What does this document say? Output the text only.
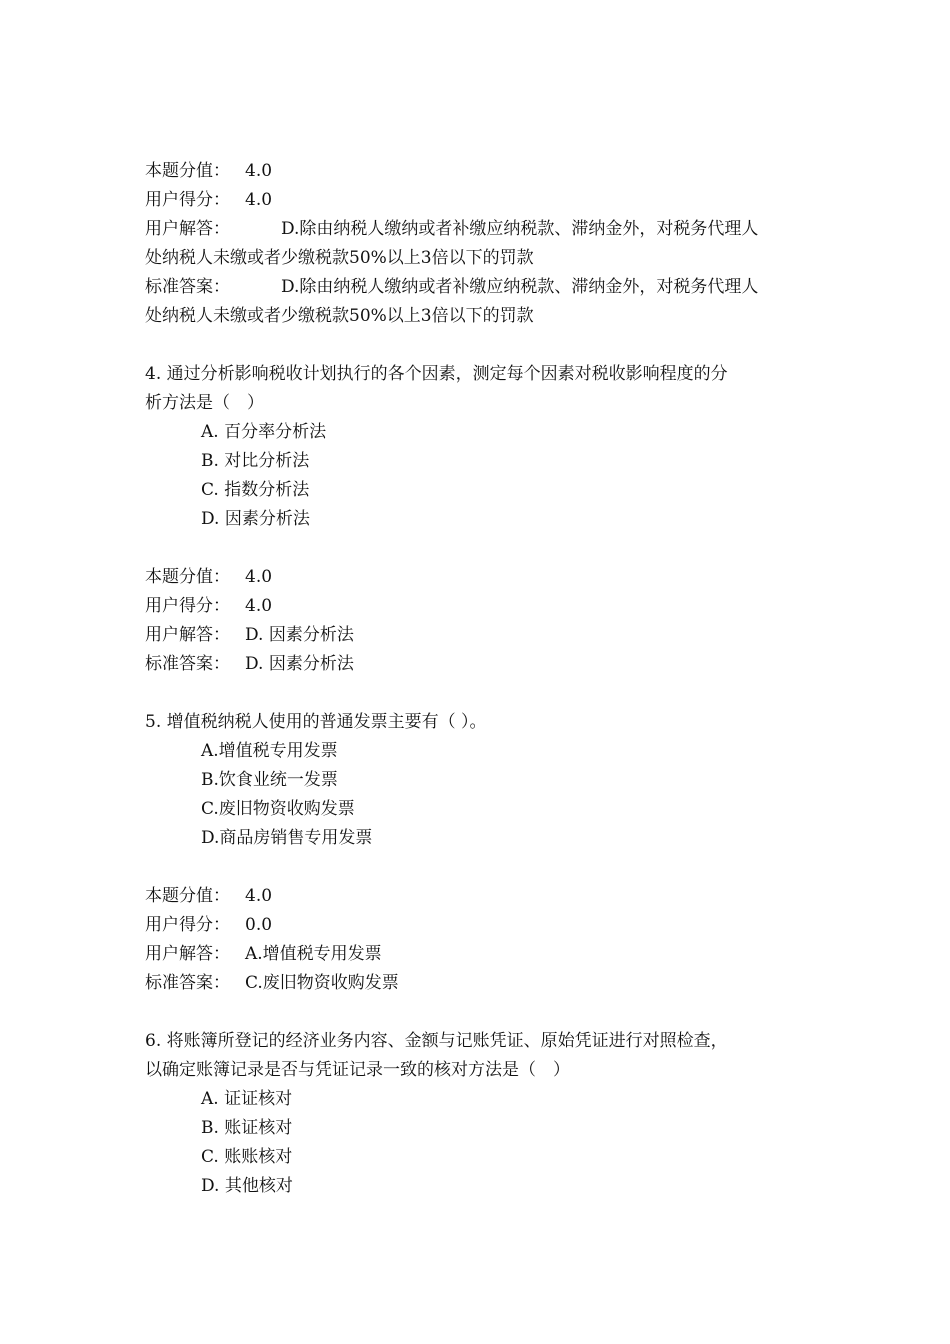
本题分值： 4.0
用户得分： 4.0
用户解答：	D.除由纳税人缴纳或者补缴应纳税款、滞纳金外，对税务代理人
处纳税人未缴或者少缴税款50%以上3倍以下的罚款
标准答案：	D.除由纳税人缴纳或者补缴应纳税款、滞纳金外，对税务代理人
处纳税人未缴或者少缴税款50%以上3倍以下的罚款
4. 通过分析影响税收计划执行的各个因素，测定每个因素对税收影响程度的分
析方法是（　）
A. 百分率分析法
B. 对比分析法
C. 指数分析法
D. 因素分析法
本题分值： 4.0
用户得分： 4.0
用户解答： D. 因素分析法
标准答案： D. 因素分析法
5. 增值税纳税人使用的普通发票主要有（ ）。
A.增值税专用发票
B.饮食业统一发票
C.废旧物资收购发票
D.商品房销售专用发票
本题分值： 4.0
用户得分： 0.0
用户解答： A.增值税专用发票
标准答案： C.废旧物资收购发票
6. 将账簿所登记的经济业务内容、金额与记账凭证、原始凭证进行对照检查，
以确定账簿记录是否与凭证记录一致的核对方法是（　）
A. 证证核对
B. 账证核对
C. 账账核对
D. 其他核对
